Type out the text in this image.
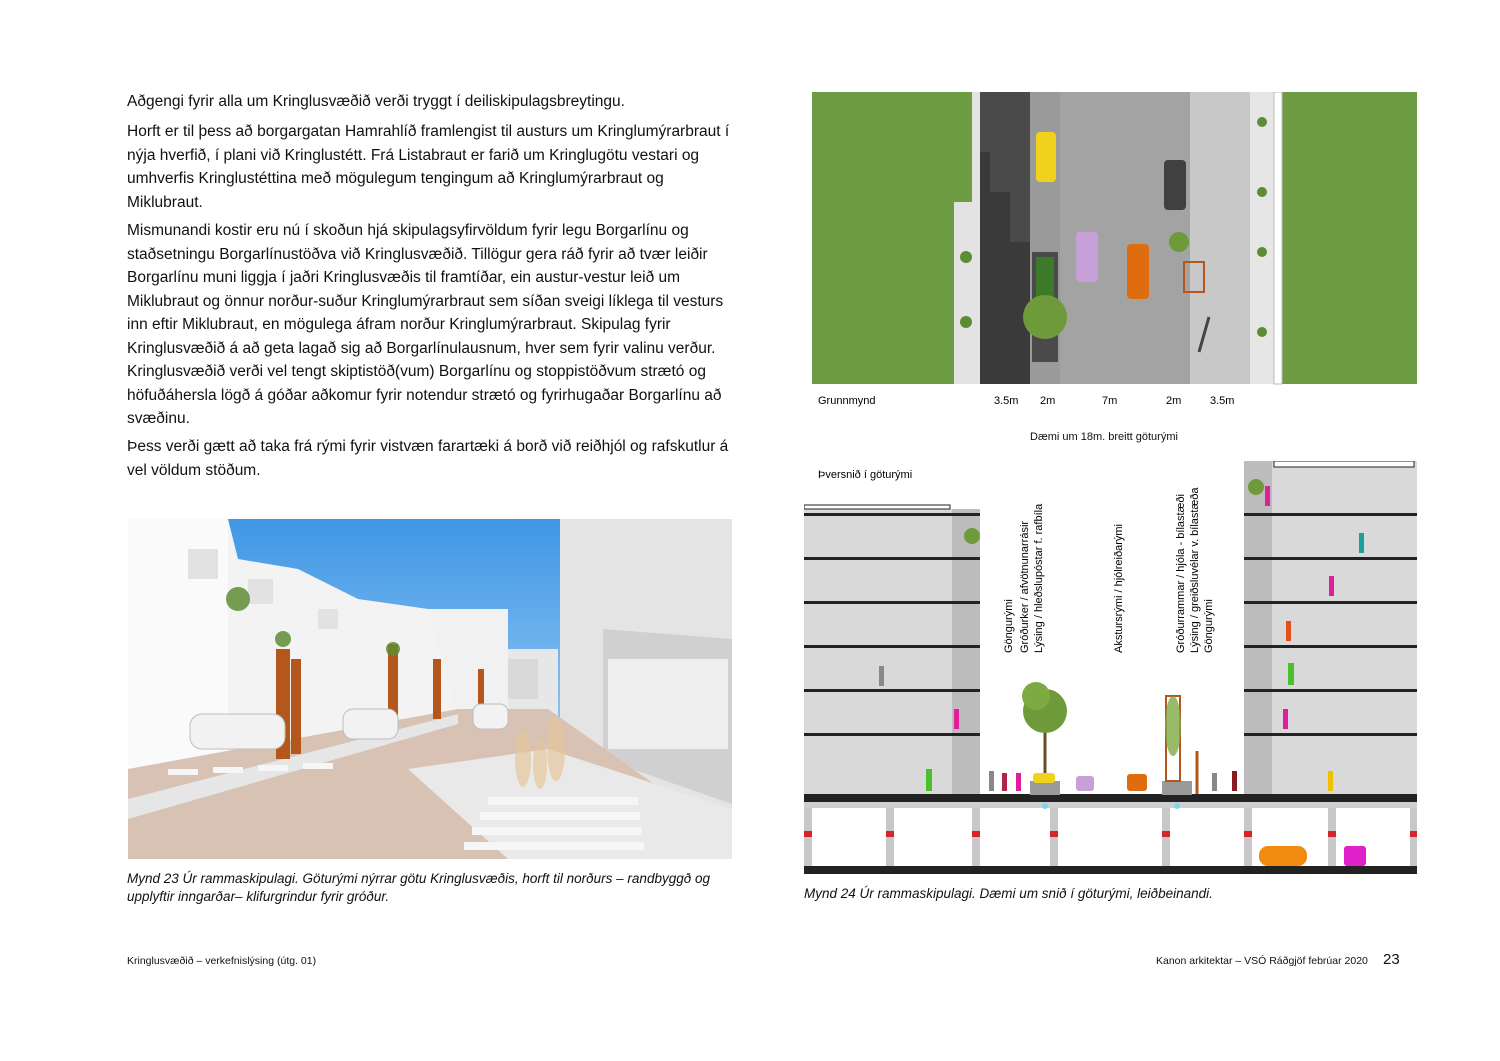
Aðgengi fyrir alla um Kringlusvæðið verði tryggt í deiliskipulagsbreytingu.

Horft er til þess að borgargatan Hamrahlíð framlengist til austurs um Kringlumýrarbraut í nýja hverfið, í plani við Kringlustétt. Frá Listabraut er farið um Kringlugötu vestari og umhverfis Kringlustéttina með mögulegum tengingum að Kringlumýrarbraut og Miklubraut.

Mismunandi kostir eru nú í skoðun hjá skipulagsyfirvöldum fyrir legu Borgarlínu og staðsetningu Borgarlínustöðva við Kringlusvæðið. Tillögur gera ráð fyrir að tvær leiðir Borgarlínu muni liggja í jaðri Kringlusvæðis til framtíðar, ein austur-vestur leið um Miklubraut og önnur norður-suður Kringlumýrarbraut sem síðan sveigi líklega til vesturs inn eftir Miklubraut, en mögulega áfram norður Kringlumýrarbraut. Skipulag fyrir Kringlusvæðið á að geta lagað sig að Borgarlínulausnum, hver sem fyrir valinu verður. Kringlusvæðið verði vel tengt skiptistöð(vum) Borgarlínu og stoppistöðvum strætó og höfuðáhersla lögð á góðar aðkomur fyrir notendur strætó og fyrirhugaðar Borgarlínu að svæðinu.

Þess verði gætt að taka frá rými fyrir vistvæn farartæki á borð við reiðhjól og rafskutlur á vel völdum stöðum.

Mynd 23 Úr rammaskipulagi. Göturými nýrrar götu Kringlusvæðis, horft til norðurs – randbyggð og upplyftir inngarðar– klifurgrindur fyrir gróður.
Grunnmynd	3.5m 2m	7m	2m	3.5m
Dæmi um 18m. breitt göturými
Þversnið í göturými
Göngurými Gróðurker / afvötnunarrásir Lýsing / hleðslupóstar f. rafbíla	Akstursrými / hjólreiðarými	Gróðurrammar / hjóla - bílastæði Lýsing / greiðsluvélar v. bílastæða Göngurými
Mynd 24 Úr rammaskipulagi. Dæmi um snið í göturými, leiðbeinandi.
Kringlusvæðið – verkefnislýsing (útg. 01)	Kanon arkitektar – VSÓ Ráðgjöf febrúar 2020 23
